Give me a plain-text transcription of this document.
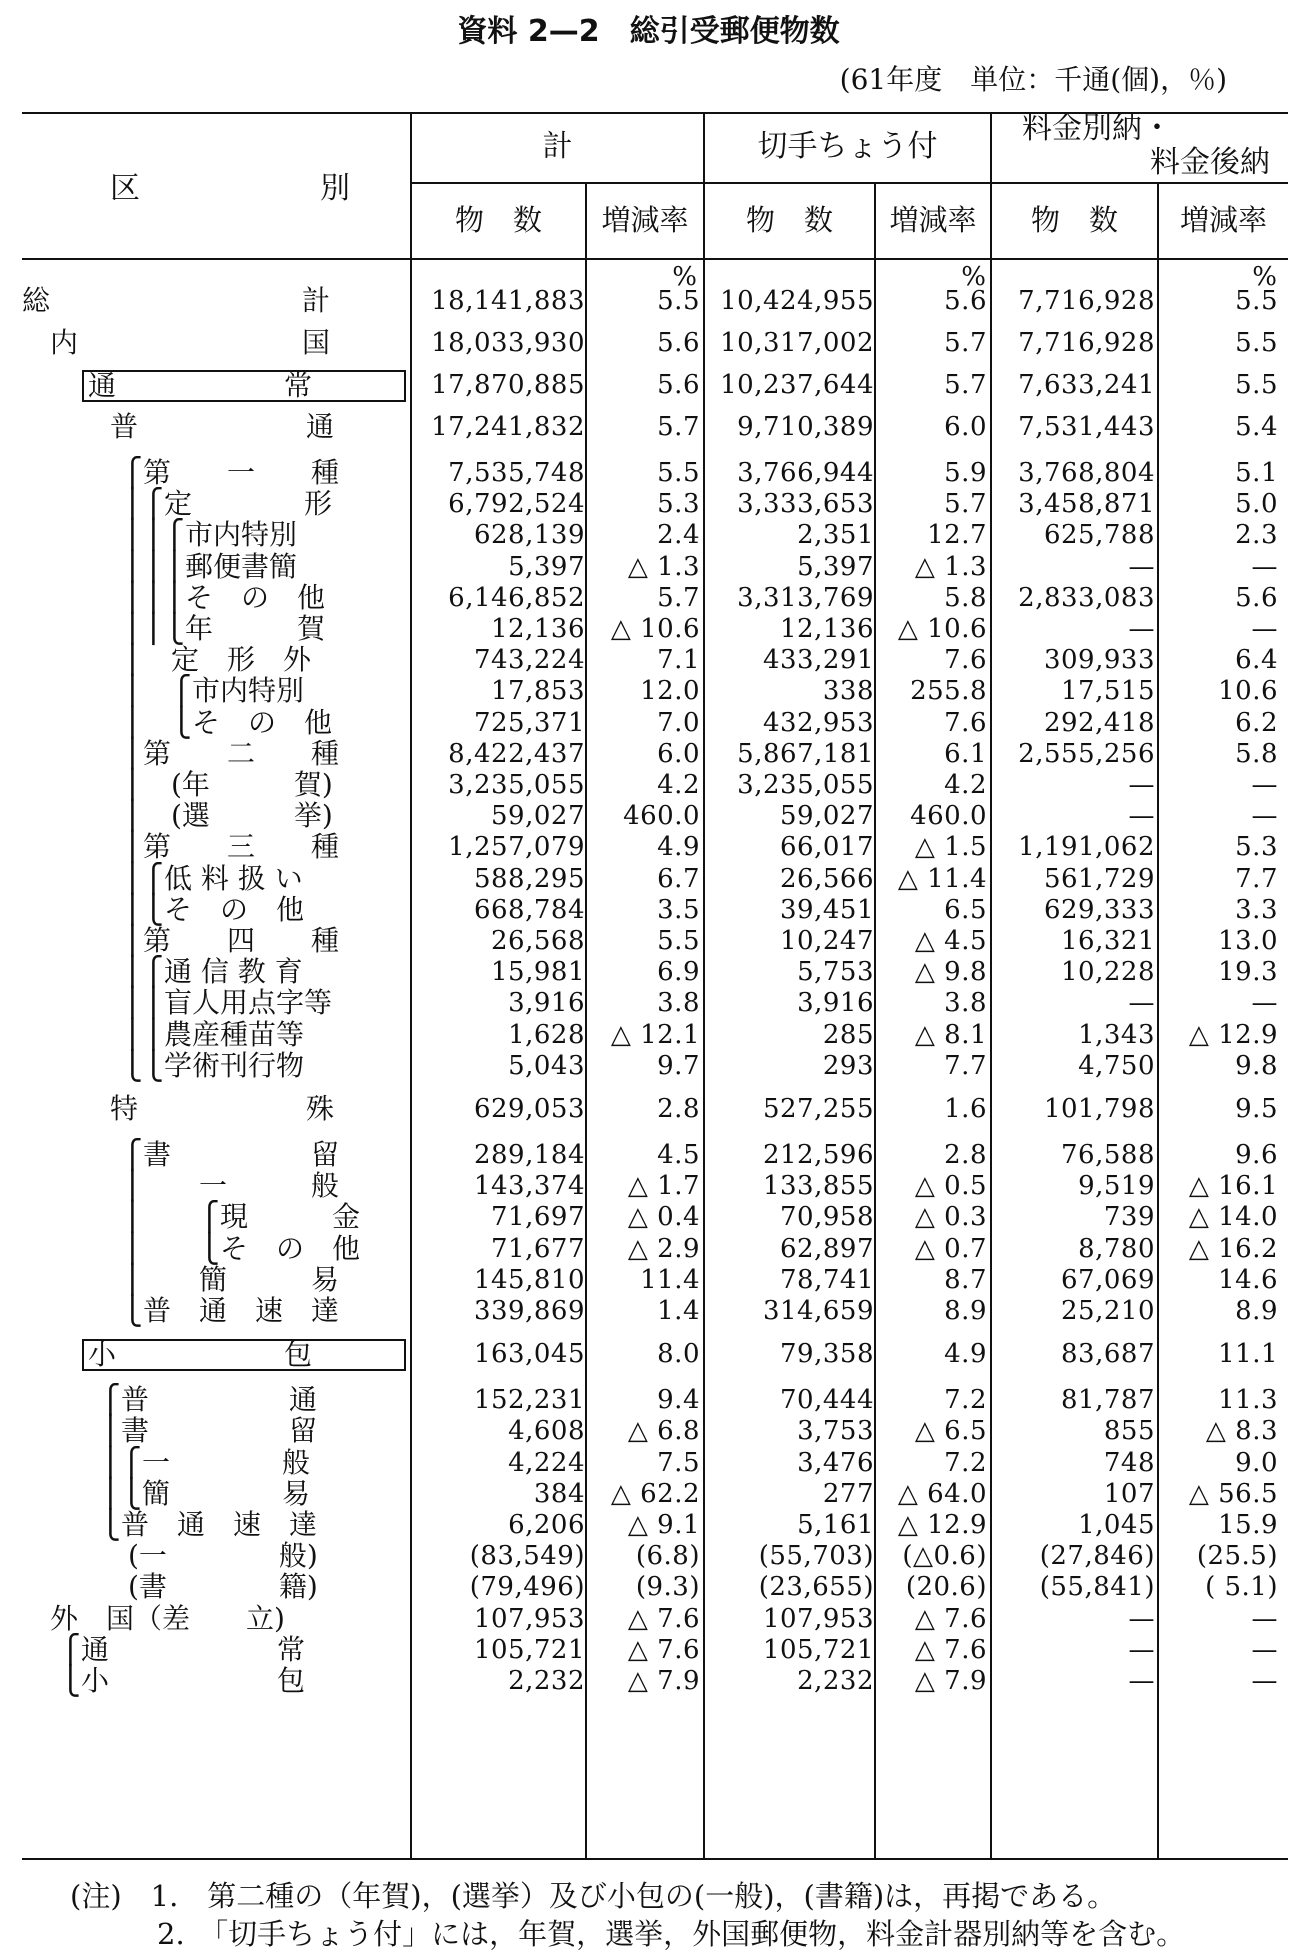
資料 2—2　総引受郵便物数
(61年度　単位：千通(個)，％)
区　　　　　　別
計	切手ちょう付
料金別納・
料金後納
物　数	増減率	物　数	増減率	物　数	増減率
%	%	%
総　　　　　　　　　計	18,141,883	5.5 10,424,955	5.6	7,716,928	5.5
内　　　　　　　　国	18,033,930	5.6 10,317,002	5.7	7,716,928	5.5
通　　　　　　常	17,870,885	5.6 10,237,644	5.7	7,633,241	5.5
普　　　　　　通	17,241,832	5.7	9,710,389	6.0	7,531,443	5.4
⎧第　　一　　種	7,535,748	5.5	3,766,944	5.9	3,768,804	5.1
⎪⎧定　　　　形	6,792,524	5.3	3,333,653	5.7	3,458,871	5.0
⎪⎪⎧市内特別	628,139	2.4	2,351	12.7	625,788	2.3
⎪⎪⎪郵便書簡	5,397	△ 1.3	5,397	△ 1.3	—	—
⎪⎪⎪そ　の　他	6,146,852	5.7	3,313,769	5.8	2,833,083	5.6
⎪⎪⎩年　　　賀	12,136 △ 10.6	12,136 △ 10.6	—	—
⎪　定　形　外	743,224	7.1	433,291	7.6	309,933	6.4
⎪　⎧市内特別	17,853	12.0	338	255.8	17,515	10.6
⎪　⎩そ　の　他	725,371	7.0	432,953	7.6	292,418	6.2
⎪第　　二　　種	8,422,437	6.0	5,867,181	6.1	2,555,256	5.8
⎪　(年　　　賀)	3,235,055	4.2	3,235,055	4.2	—	—
⎪　(選　　　挙)	59,027	460.0	59,027	460.0	—	—
⎪第　　三　　種	1,257,079	4.9	66,017	△ 1.5	1,191,062	5.3
⎪⎧低 料 扱 い	588,295	6.7	26,566 △ 11.4	561,729	7.7
⎪⎩そ　の　他	668,784	3.5	39,451	6.5	629,333	3.3
⎪第　　四　　種	26,568	5.5	10,247	△ 4.5	16,321	13.0
⎪⎧通 信 教 育	15,981	6.9	5,753	△ 9.8	10,228	19.3
⎪⎪盲人用点字等	3,916	3.8	3,916	3.8	—	—
⎪⎪農産種苗等	1,628 △ 12.1	285	△ 8.1	1,343	△ 12.9
⎩⎩学術刊行物	5,043	9.7	293	7.7	4,750	9.8
特　　　　　　殊	629,053	2.8	527,255	1.6	101,798	9.5
⎧書　　　　　留	289,184	4.5	212,596	2.8	76,588	9.6
⎪　　一　　　般	143,374	△ 1.7	133,855	△ 0.5	9,519	△ 16.1
⎪　　⎧現　　　金	71,697	△ 0.4	70,958	△ 0.3	739	△ 14.0
⎪　　⎩そ　の　他	71,677	△ 2.9	62,897	△ 0.7	8,780	△ 16.2
⎪　　簡　　　易	145,810	11.4	78,741	8.7	67,069	14.6
⎩普　通　速　達	339,869	1.4	314,659	8.9	25,210	8.9
小　　　　　　包	163,045	8.0	79,358	4.9	83,687	11.1
⎧普　　　　　通	152,231	9.4	70,444	7.2	81,787	11.3
⎪書　　　　　留	4,608	△ 6.8	3,753	△ 6.5	855	△ 8.3
⎪⎧一　　　　般	4,224	7.5	3,476	7.2	748	9.0
⎪⎩簡　　　　易	384 △ 62.2	277 △ 64.0	107	△ 56.5
⎩普　通　速　達	6,206	△ 9.1	5,161 △ 12.9	1,045	15.9
　(一　　　　般)	(83,549)	(6.8)	(55,703)	(△0.6)	(27,846)	(25.5)
　(書　　　　籍)	(79,496)	(9.3)	(23,655)	(20.6)	(55,841)	( 5.1)
外　国（差　　立)	107,953	△ 7.6	107,953	△ 7.6	—	—
⎧通　　　　　　常	105,721	△ 7.6	105,721	△ 7.6	—	—
⎩小　　　　　　包	2,232	△ 7.9	2,232	△ 7.9	—	—
(注)　1.　第二種の（年賀)，(選挙）及び小包の(一般)，(書籍)は，再掲である。
　　　2.　「切手ちょう付」には，年賀，選挙，外国郵便物，料金計器別納等を含む。
